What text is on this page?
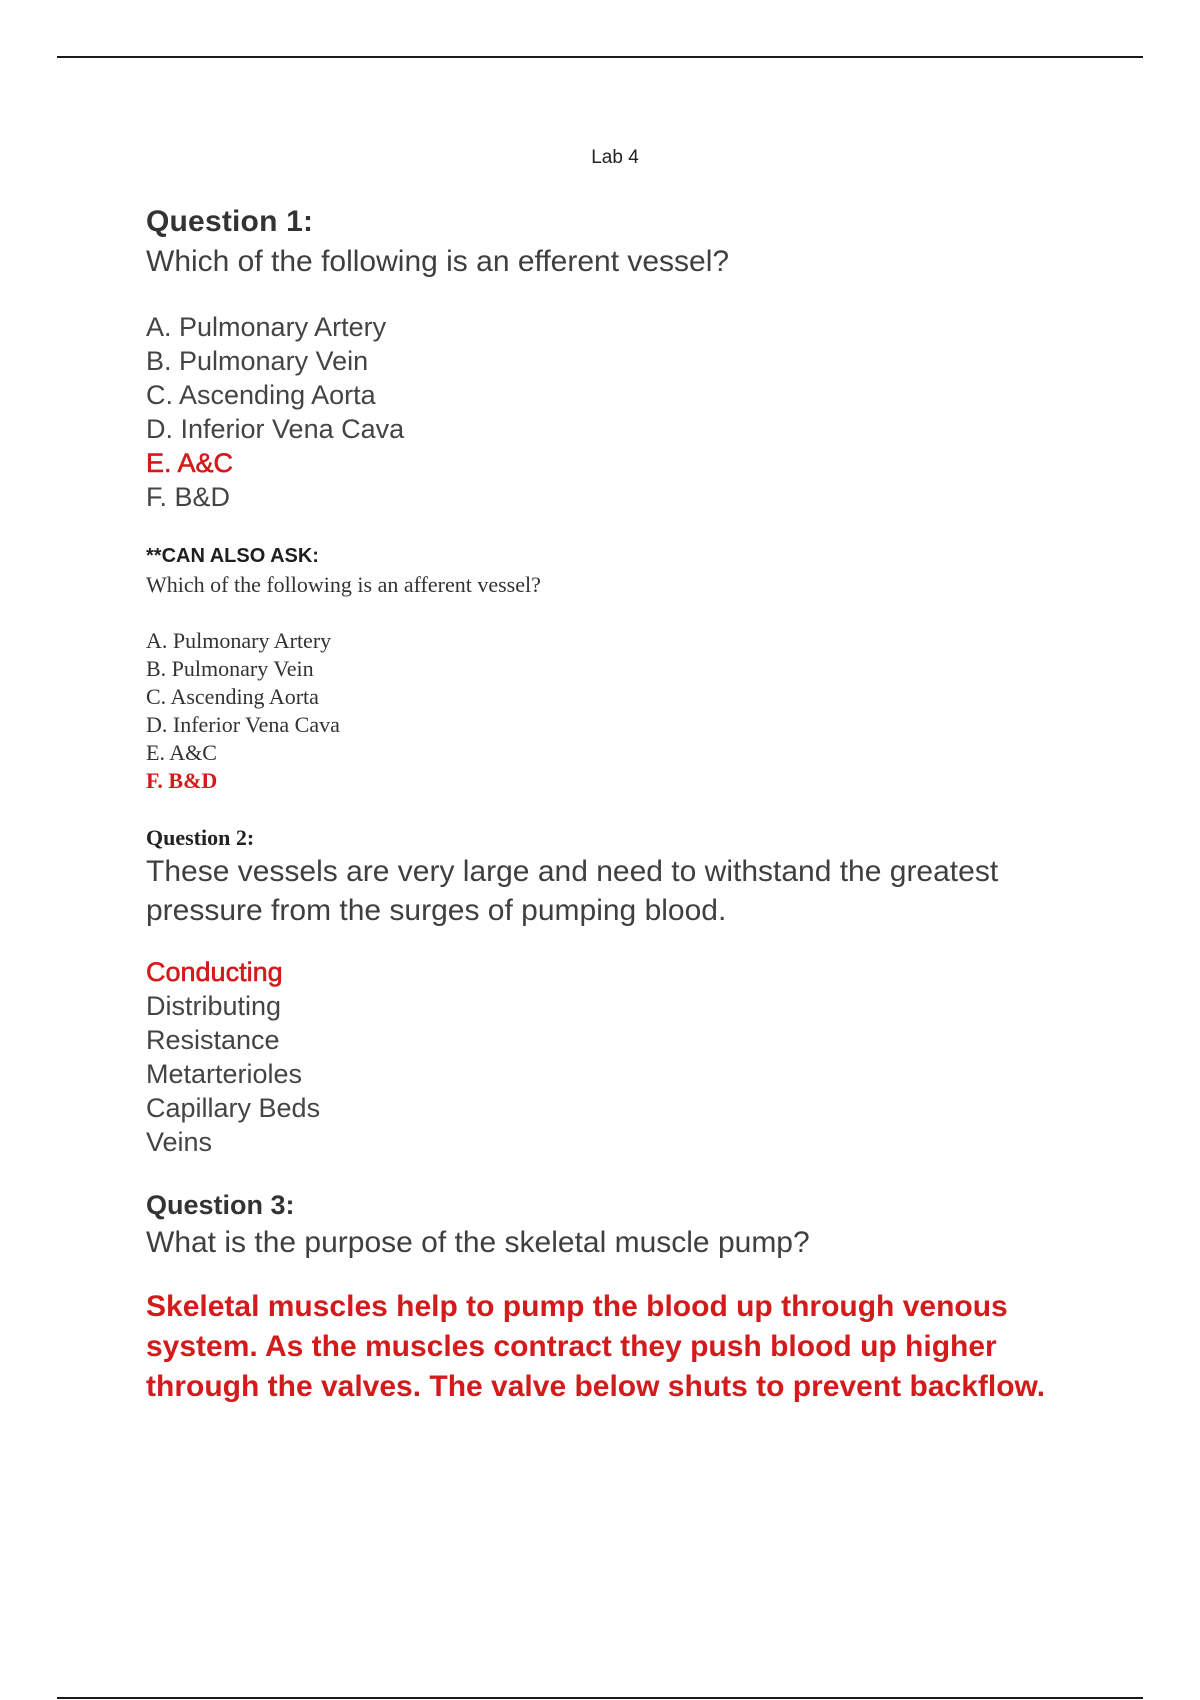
Lab 4
Question 1:
Which of the following is an efferent vessel?
A. Pulmonary Artery
B. Pulmonary Vein
C. Ascending Aorta
D. Inferior Vena Cava
E. A&C
F. B&D
**CAN ALSO ASK:
Which of the following is an afferent vessel?
A. Pulmonary Artery
B. Pulmonary Vein
C. Ascending Aorta
D. Inferior Vena Cava
E. A&C
F. B&D
Question 2:
These vessels are very large and need to withstand the greatest
pressure from the surges of pumping blood.
Conducting
Distributing
Resistance
Metarterioles
Capillary Beds
Veins
Question 3:
What is the purpose of the skeletal muscle pump?
Skeletal muscles help to pump the blood up through venous
system. As the muscles contract they push blood up higher
through the valves. The valve below shuts to prevent backflow.
